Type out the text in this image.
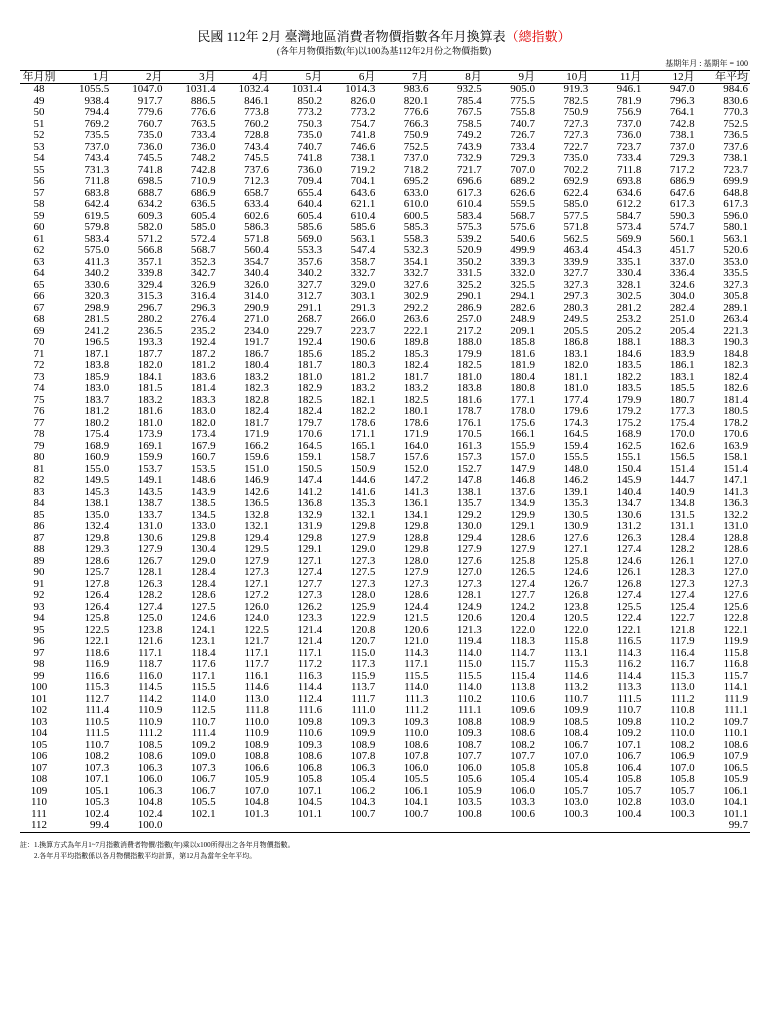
民國 112年 2月 臺灣地區消費者物價指數各年月換算表（總指數）
(各年月物價指數(年)以100為基112年2月份之物價指數)
基期年月 : 基期年 = 100
年月別	1月	2月	3月	4月	5月	6月	7月	8月	9月	10月	11月	12月	年平均
48	1055.5	1047.0	1031.4	1032.4	1031.4	1014.3	983.6	932.5	905.0	919.3	946.1	947.0	984.6
49	938.4	917.7	886.5	846.1	850.2	826.0	820.1	785.4	775.5	782.5	781.9	796.3	830.6
50	794.4	779.6	776.6	773.8	773.2	773.2	776.6	767.5	755.8	750.9	756.9	764.1	770.3
51	769.2	760.7	763.5	760.2	750.3	754.7	766.3	758.5	740.7	727.3	737.0	742.8	752.5
52	735.5	735.0	733.4	728.8	735.0	741.8	750.9	749.2	726.7	727.3	736.0	738.1	736.5
53	737.0	736.0	736.0	743.4	740.7	746.6	752.5	743.9	733.4	722.7	723.7	737.0	737.6
54	743.4	745.5	748.2	745.5	741.8	738.1	737.0	732.9	729.3	735.0	733.4	729.3	738.1
55	731.3	741.8	742.8	737.6	736.0	719.2	718.2	721.7	707.0	702.2	711.8	717.2	723.7
56	711.8	698.5	710.9	712.3	709.4	704.1	695.2	696.6	689.2	692.9	693.8	686.9	699.9
57	683.8	688.7	686.9	658.7	655.4	643.6	633.0	617.3	626.6	622.4	634.6	647.6	648.8
58	642.4	634.2	636.5	633.4	640.4	621.1	610.0	610.4	559.5	585.0	612.2	617.3	617.3
59	619.5	609.3	605.4	602.6	605.4	610.4	600.5	583.4	568.7	577.5	584.7	590.3	596.0
60	579.8	582.0	585.0	586.3	585.6	585.6	585.3	575.3	575.6	571.8	573.4	574.7	580.1
61	583.4	571.2	572.4	571.8	569.0	563.1	558.3	539.2	540.6	562.5	569.9	560.1	563.1
62	575.0	566.8	568.7	560.4	553.3	547.4	532.3	520.9	499.9	463.4	454.3	451.7	520.6
63	411.3	357.1	352.3	354.7	357.6	358.7	354.1	350.2	339.3	339.9	335.1	337.0	353.0
64	340.2	339.8	342.7	340.4	340.2	332.7	332.7	331.5	332.0	327.7	330.4	336.4	335.5
65	330.6	329.4	326.9	326.0	327.7	329.0	327.6	325.2	325.5	327.3	328.1	324.6	327.3
66	320.3	315.3	316.4	314.0	312.7	303.1	302.9	290.1	294.1	297.3	302.5	304.0	305.8
67	298.9	296.7	296.3	290.9	291.1	291.3	292.2	286.9	282.6	280.3	281.2	282.4	289.1
68	281.5	280.2	276.4	271.0	268.7	266.0	263.6	257.0	248.9	249.5	253.2	251.0	263.4
69	241.2	236.5	235.2	234.0	229.7	223.7	222.1	217.2	209.1	205.5	205.2	205.4	221.3
70	196.5	193.3	192.4	191.7	192.4	190.6	189.8	188.0	185.8	186.8	188.1	188.3	190.3
71	187.1	187.7	187.2	186.7	185.6	185.2	185.3	179.9	181.6	183.1	184.6	183.9	184.8
72	183.8	182.0	181.2	180.4	181.7	180.3	182.4	182.5	181.9	182.0	183.5	186.1	182.3
73	185.9	184.1	183.6	183.2	181.0	181.2	181.7	181.0	180.4	181.1	182.2	183.1	182.4
74	183.0	181.5	181.4	182.3	182.9	183.2	183.2	183.8	180.8	181.0	183.5	185.5	182.6
75	183.7	183.2	183.3	182.8	182.5	182.1	182.5	181.6	177.1	177.4	179.9	180.7	181.4
76	181.2	181.6	183.0	182.4	182.4	182.2	180.1	178.7	178.0	179.6	179.2	177.3	180.5
77	180.2	181.0	182.0	181.7	179.7	178.6	178.6	176.1	175.6	174.3	175.2	175.4	178.2
78	175.4	173.9	173.4	171.9	170.6	171.1	171.9	170.5	166.1	164.5	168.9	170.0	170.6
79	168.9	169.1	167.9	166.2	164.5	165.1	164.0	161.3	155.9	159.4	162.5	162.6	163.9
80	160.9	159.9	160.7	159.6	159.1	158.7	157.6	157.3	157.0	155.5	155.1	156.5	158.1
81	155.0	153.7	153.5	151.0	150.5	150.9	152.0	152.7	147.9	148.0	150.4	151.4	151.4
82	149.5	149.1	148.6	146.9	147.4	144.6	147.2	147.8	146.8	146.2	145.9	144.7	147.1
83	145.3	143.5	143.9	142.6	141.2	141.6	141.3	138.1	137.6	139.1	140.4	140.9	141.3
84	138.1	138.7	138.5	136.5	136.8	135.3	136.1	135.7	134.9	135.3	134.7	134.8	136.3
85	135.0	133.7	134.5	132.8	132.9	132.1	134.1	129.2	129.9	130.5	130.6	131.5	132.2
86	132.4	131.0	133.0	132.1	131.9	129.8	129.8	130.0	129.1	130.9	131.2	131.1	131.0
87	129.8	130.6	129.8	129.4	129.8	127.9	128.8	129.4	128.6	127.6	126.3	128.4	128.8
88	129.3	127.9	130.4	129.5	129.1	129.0	129.8	127.9	127.9	127.1	127.4	128.2	128.6
89	128.6	126.7	129.0	127.9	127.1	127.3	128.0	127.6	125.8	125.8	124.6	126.1	127.0
90	125.7	128.1	128.4	127.3	127.4	127.5	127.9	127.0	126.5	124.6	126.1	128.3	127.0
91	127.8	126.3	128.4	127.1	127.7	127.3	127.3	127.3	127.4	126.7	126.8	127.3	127.3
92	126.4	128.2	128.6	127.2	127.3	128.0	128.6	128.1	127.7	126.8	127.4	127.4	127.6
93	126.4	127.4	127.5	126.0	126.2	125.9	124.4	124.9	124.2	123.8	125.5	125.4	125.6
94	125.8	125.0	124.6	124.0	123.3	122.9	121.5	120.6	120.4	120.5	122.4	122.7	122.8
95	122.5	123.8	124.1	122.5	121.4	120.8	120.6	121.3	122.0	122.0	122.1	121.8	122.1
96	122.1	121.6	123.1	121.7	121.4	120.7	121.0	119.4	118.3	115.8	116.5	117.9	119.9
97	118.6	117.1	118.4	117.1	117.1	115.0	114.3	114.0	114.7	113.1	114.3	116.4	115.8
98	116.9	118.7	117.6	117.7	117.2	117.3	117.1	115.0	115.7	115.3	116.2	116.7	116.8
99	116.6	116.0	117.1	116.1	116.3	115.9	115.5	115.5	115.4	114.6	114.4	115.3	115.7
100	115.3	114.5	115.5	114.6	114.4	113.7	114.0	114.0	113.8	113.2	113.3	113.0	114.1
101	112.7	114.2	114.0	113.0	112.4	111.7	111.3	110.2	110.6	110.7	111.5	111.2	111.9
102	111.4	110.9	112.5	111.8	111.6	111.0	111.2	111.1	109.6	109.9	110.7	110.8	111.1
103	110.5	110.9	110.7	110.0	109.8	109.3	109.3	108.8	108.9	108.5	109.8	110.2	109.7
104	111.5	111.2	111.4	110.9	110.6	109.9	110.0	109.3	108.6	108.4	109.2	110.0	110.1
105	110.7	108.5	109.2	108.9	109.3	108.9	108.6	108.7	108.2	106.7	107.1	108.2	108.6
106	108.2	108.6	109.0	108.8	108.6	107.8	107.8	107.7	107.7	107.0	106.7	106.9	107.9
107	107.3	106.3	107.3	106.6	106.8	106.3	106.0	106.0	105.8	105.8	106.4	107.0	106.5
108	107.1	106.0	106.7	105.9	105.8	105.4	105.5	105.6	105.4	105.4	105.8	105.8	105.9
109	105.1	106.3	106.7	107.0	107.1	106.2	106.1	105.9	106.0	105.7	105.7	105.7	106.1
110	105.3	104.8	105.5	104.8	104.5	104.3	104.1	103.5	103.3	103.0	102.8	103.0	104.1
111	102.4	102.4	102.1	101.3	101.1	100.7	100.7	100.8	100.6	100.3	100.4	100.3	101.1
112	99.4	100.0											99.7
註：1.換算方式為年月1~7月指數消費者物價/指數(年)乘以x100所得出之各年月物價指數。
2.各年月平均指數係以各月物價指數平均計算，第12月為當年全年平均。
